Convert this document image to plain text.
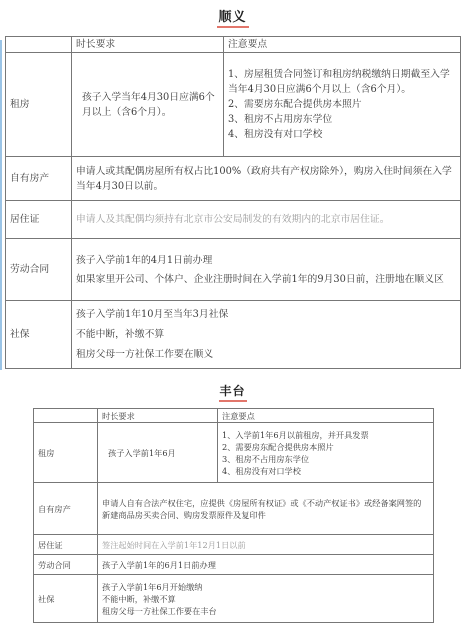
顺义
	时长要求	注意要点
租房	孩子入学当年4月30日应满6个月以上（含6个月）。	1、房屋租赁合同签订和租房纳税缴纳日期截至入学当年4月30日应满6个月以上（含6个月）。
2、需要房东配合提供房本照片
3、租房不占用房东学位
4、租房没有对口学校

自有房产	申请人或其配偶房屋所有权占比100%（政府共有产权房除外），购房入住时间须在入学当年4月30日以前。	
居住证	申请人及其配偶均须持有北京市公安局制发的有效期内的北京市居住证。	
劳动合同	孩子入学前1年的4月1日前办理
如果家里开公司、个体户、企业注册时间在入学前1年的9月30日前，注册地在顺义区	

社保	孩子入学前1年10月至当年3月社保
不能中断，补缴不算
租房父母一方社保工作要在顺义	
丰台
	时长要求	注意要点
租房	孩子入学前1年6月	1、入学前1年6月以前租房，并开具发票
2、需要房东配合提供房本照片
3、租房不占用房东学位
4、租房没有对口学校

自有房产	申请人自有合法产权住宅，应提供《房屋所有权证》或《不动产权证书》或经备案网签的新建商品房买卖合同、购房发票原件及复印件	
居住证	签注起始时间在入学前1年12月1日以前	
劳动合同	孩子入学前1年的6月1日前办理	
社保	孩子入学前1年6月开始缴纳
不能中断，补缴不算
租房父母一方社保工作要在丰台	
